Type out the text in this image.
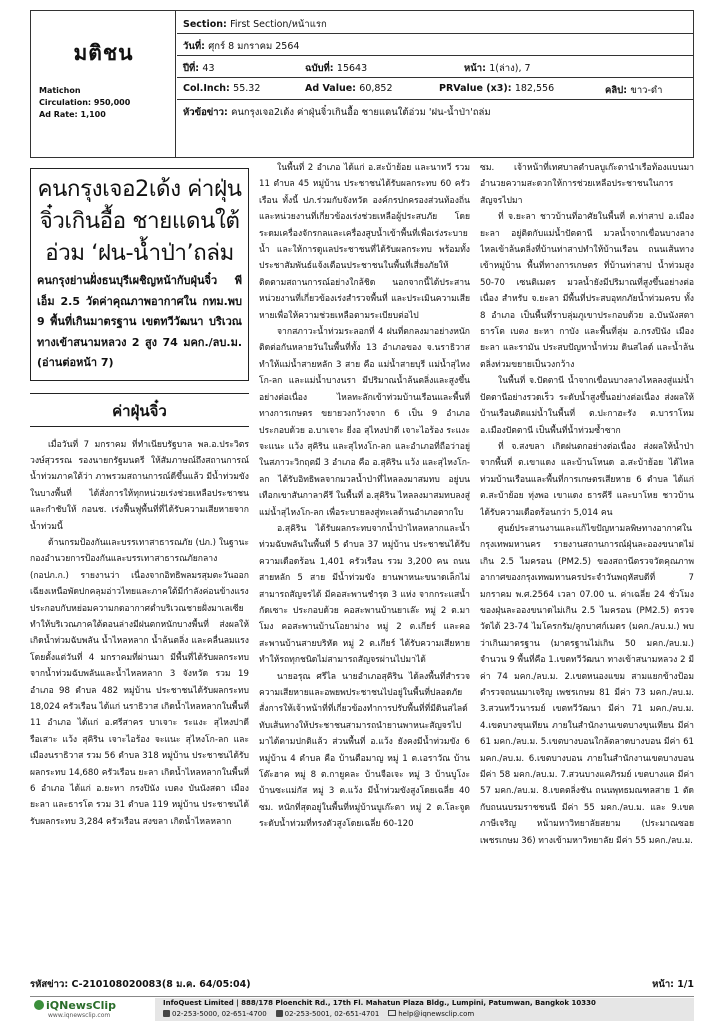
มติชน
Matichon
Circulation: 950,000
Ad Rate: 1,100
Section: First Section/หน้าแรก
วันที่: ศุกร์ 8 มกราคม 2564
ปีที่: 43	ฉบับที่: 15643	หน้า: 1(ล่าง), 7
Col.Inch: 55.32	Ad Value: 60,852	PRValue (x3): 182,556	คลิป: ขาว-ดำ
หัวข้อข่าว: คนกรุงเจอ2เด้ง ค่าฝุ่นจิ๋วเกินอื้อ ชายแดนใต้อ่วม 'ฝน-น้ำป่า'ถล่ม
คนกรุงเจอ2เด้ง ค่าฝุ่นจิ๋วเกินอื้อ ชายแดนใต้อ่วม ‘ฝน-น้ำป่า’ถล่ม
คนกรุงย่านฝั่งธนบุรีเผชิญหน้ากับฝุ่นจิ๋ว พีเอ็ม 2.5 วัดค่าคุณภาพอากาศใน กทม.พบ 9 พื้นที่เกินมาตรฐาน เขตทวีวัฒนา บริเวณทางเข้าสนามหลวง 2 สูง 74 มคก./ลบ.ม. (อ่านต่อหน้า 7)
ค่าฝุ่นจิ๋ว

เมื่อวันที่ 7 มกราคม ที่ทำเนียบรัฐบาล พล.อ.ประวิตร วงษ์สุวรรณ รองนายกรัฐมนตรี ให้สัมภาษณ์ถึงสถานการณ์น้ำท่วมภาคใต้ว่า ภาพรวมสถานการณ์ดีขึ้นแล้ว มีน้ำท่วมขังในบางพื้นที่ ได้สั่งการให้ทุกหน่วยเร่งช่วยเหลือประชาชน และกำชับให้ กอนช. เร่งฟื้นฟูพื้นที่ที่ได้รับความเสียหายจากน้ำท่วมนี้

ด้านกรมป้องกันและบรรเทาสาธารณภัย (ปภ.) ในฐานะกองอำนวยการป้องกันและบรรเทาสาธารณภัยกลาง (กอปภ.ก.) รายงานว่า เนื่องจากอิทธิพลมรสุมตะวันออกเฉียงเหนือพัดปกคลุมอ่าวไทยและภาคใต้มีกำลังค่อนข้างแรง ประกอบกับหย่อมความกดอากาศต่ำบริเวณชายฝั่งมาเลเซีย ทำให้บริเวณภาคใต้ตอนล่างมีฝนตกหนักบางพื้นที่ ส่งผลให้เกิดน้ำท่วมฉับพลัน น้ำไหลหลาก น้ำล้นตลิ่ง และคลื่นลมแรง โดยตั้งแต่วันที่ 4 มกราคมที่ผ่านมา มีพื้นที่ได้รับผลกระทบจากน้ำท่วมฉับพลันและน้ำไหลหลาก 3 จังหวัด รวม 19 อำเภอ 98 ตำบล 482 หมู่บ้าน ประชาชนได้รับผลกระทบ 18,024 ครัวเรือน ได้แก่ นราธิวาส เกิดน้ำไหลหลากในพื้นที่ 11 อำเภอ ได้แก่ อ.ศรีสาคร บาเจาะ ระแงะ สุไหงปาดี รือเสาะ แว้ง สุคิริน เจาะไอร้อง จะแนะ สุไหงโก-ลก และเมืองนราธิวาส รวม 56 ตำบล 318 หมู่บ้าน ประชาชนได้รับผลกระทบ 14,680 ครัวเรือน ยะลา เกิดน้ำไหลหลากในพื้นที่ 6 อำเภอ ได้แก่ อ.ยะหา กรงปินัง เบตง บันนังสตา เมืองยะลา และธารโต รวม 31 ตำบล 119 หมู่บ้าน ประชาชนได้รับผลกระทบ 3,284 ครัวเรือน สงขลา เกิดน้ำไหลหลาก

ในพื้นที่ 2 อำเภอ ได้แก่ อ.สะบ้าย้อย และนาทวี รวม 11 ตำบล 45 หมู่บ้าน ประชาชนได้รับผลกระทบ 60 ครัวเรือน ทั้งนี้ ปภ.ร่วมกับจังหวัด องค์กรปกครองส่วนท้องถิ่น และหน่วยงานที่เกี่ยวข้องเร่งช่วยเหลือผู้ประสบภัย โดยระดมเครื่องจักรกลและเครื่องสูบน้ำเข้าพื้นที่เพื่อเร่งระบายน้ำ และให้การดูแลประชาชนที่ได้รับผลกระทบ พร้อมทั้งประชาสัมพันธ์แจ้งเตือนประชาชนในพื้นที่เสี่ยงภัยให้ติดตามสถานการณ์อย่างใกล้ชิด นอกจากนี้ได้ประสานหน่วยงานที่เกี่ยวข้องเร่งสำรวจพื้นที่ และประเมินความเสียหายเพื่อให้ความช่วยเหลือตามระเบียบต่อไป

จากสภาวะน้ำท่วมระลอกที่ 4 ฝนที่ตกลงมาอย่างหนักติดต่อกันหลายวันในพื้นที่ทั้ง 13 อำเภอของ จ.นราธิวาส ทำให้แม่น้ำสายหลัก 3 สาย คือ แม่น้ำสายบุรี แม่น้ำสุไหงโก-ลก และแม่น้ำบางนรา มีปริมาณน้ำล้นตลิ่งและสูงขึ้นอย่างต่อเนื่อง ไหลทะลักเข้าท่วมบ้านเรือนและพื้นที่ทางการเกษตร ขยายวงกว้างจาก 6 เป็น 9 อำเภอ ประกอบด้วย อ.บาเจาะ ยี่งอ สุไหงปาดี เจาะไอร้อง ระแงะ จะแนะ แว้ง สุคิริน และสุไหงโก-ลก และอำเภอที่ถือว่าอยู่ในสภาวะวิกฤตมี 3 อำเภอ คือ อ.สุคิริน แว้ง และสุไหงโก-ลก ได้รับอิทธิพลจากมวลน้ำป่าที่ไหลลงมาสมทบ อยู่บนเทือกเขาสันกาลาคีรี ในพื้นที่ อ.สุคิริน ไหลลงมาสมทบลงสู่แม่น้ำสุไหงโก-ลก เพื่อระบายลงสู่ทะเลด้านอำเภอตากใบ

อ.สุคิริน ได้รับผลกระทบจากน้ำป่าไหลหลากและน้ำท่วมฉับพลันในพื้นที่ 5 ตำบล 37 หมู่บ้าน ประชาชนได้รับความเดือดร้อน 1,401 ครัวเรือน รวม 3,200 คน ถนนสายหลัก 5 สาย มีน้ำท่วมขัง ยานพาหนะขนาดเล็กไม่สามารถสัญจรได้ มีคอสะพานชำรุด 3 แห่ง จากกระแสน้ำกัดเซาะ ประกอบด้วย คอสะพานบ้านยาเล๊ะ หมู่ 2 ต.มาโมง คอสะพานบ้านโอยาม่าง หมู่ 2 ต.เกียร์ และคอสะพานบ้านสายบริหัด หมู่ 2 ต.เกียร์ ได้รับความเสียหาย ทำให้รถทุกชนิดไม่สามารถสัญจรผ่านไปมาได้

นายอรุณ ศรีไล นายอำเภอสุคิริน ได้ลงพื้นที่สำรวจความเสียหายและอพยพประชาชนไปอยู่ในพื้นที่ปลอดภัย สั่งการให้เจ้าหน้าที่ที่เกี่ยวข้องทำการปรับพื้นที่ที่มีดินสไลด์ทับเส้นทางให้ประชาชนสามารถนำยานพาหนะสัญจรไปมาได้ตามปกติแล้ว ส่วนพื้นที่ อ.แว้ง ยังคงมีน้ำท่วมขัง 6 หมู่บ้าน 4 ตำบล คือ บ้านตือมาญ หมู่ 1 ต.เอราวัณ บ้านโต๊ะฮาค หมู่ 8 ต.กายูคละ บ้านจือเจะ หมู่ 3 บ้านบูโงะ บ้านซะแม่กัส หมู่ 3 ต.แว้ง มีน้ำท่วมขังสูงโดยเฉลี่ย 40 ซม. หนักที่สุดอยู่ในพื้นที่หมู่บ้านบูเก๊ะตา หมู่ 2 ต.โละจูด ระดับน้ำท่วมที่ทรงตัวสูงโดยเฉลี่ย 60-120

ซม. เจ้าหน้าที่เทศบาลตำบลบูเก๊ะตานำเรือท้องแบนมาอำนวยความสะดวกให้การช่วยเหลือประชาชนในการสัญจรไปมา

ที่ จ.ยะลา ชาวบ้านที่อาศัยในพื้นที่ ต.ท่าสาป อ.เมืองยะลา อยู่ติดกับแม่น้ำปัตตานี มวลน้ำจากเขื่อนบางลาง ไหลเข้าล้นตลิ่งที่บ้านท่าสาปทำให้บ้านเรือน ถนนเส้นทางเข้าหมู่บ้าน พื้นที่ทางการเกษตร ที่บ้านท่าสาป น้ำท่วมสูง 50-70 เซนติเมตร มวลน้ำยังมีปริมาณที่สูงขึ้นอย่างต่อเนื่อง สำหรับ จ.ยะลา มีพื้นที่ประสบอุทกภัยน้ำท่วมครบ ทั้ง 8 อำเภอ เป็นพื้นที่ราบลุ่มภูเขาประกอบด้วย อ.บันนังสตา ธารโต เบตง ยะหา กาบัง และพื้นที่ลุ่ม อ.กรงปินัง เมืองยะลา และรามัน ประสบปัญหาน้ำท่วม ดินสไลด์ และน้ำล้นตลิ่งท่วมขยายเป็นวงกว้าง

ในพื้นที่ จ.ปัตตานี น้ำจากเขื่อนบางลางไหลลงสู่แม่น้ำปัตตานีอย่างรวดเร็ว ระดับน้ำสูงขึ้นอย่างต่อเนื่อง ส่งผลให้บ้านเรือนติดแม่น้ำในพื้นที่ ต.ปะกาฮะรัง ต.บาราโหม อ.เมืองปัตตานี เป็นพื้นที่น้ำท่วมซ้ำซาก

ที่ จ.สงขลา เกิดฝนตกอย่างต่อเนื่อง ส่งผลให้น้ำป่าจากพื้นที่ ต.เขาแดง และบ้านโหนด อ.สะบ้าย้อย ได้ไหลท่วมบ้านเรือนและพื้นที่การเกษตรเสียหาย 6 ตำบล ได้แก่ ต.สะบ้าย้อย ทุ่งพอ เขาแดง ธารคีรี และบาโหย ชาวบ้านได้รับความเดือดร้อนกว่า 5,014 คน

ศูนย์ประสานงานและแก้ไขปัญหามลพิษทางอากาศในกรุงเทพมหานคร รายงานสถานการณ์ฝุ่นละอองขนาดไม่เกิน 2.5 ไมครอน (PM2.5) ของสถานีตรวจวัดคุณภาพอากาศของกรุงเทพมหานครประจำวันพฤหัสบดีที่ 7 มกราคม พ.ศ.2564 เวลา 07.00 น. ค่าเฉลี่ย 24 ชั่วโมงของฝุ่นละอองขนาดไม่เกิน 2.5 ไมครอน (PM2.5) ตรวจวัดได้ 23-74 ไมโครกรัม/ลูกบาศก์เมตร (มคก./ลบ.ม.) พบว่าเกินมาตรฐาน (มาตรฐานไม่เกิน 50 มคก./ลบ.ม.) จำนวน 9 พื้นที่คือ 1.เขตทวีวัฒนา ทางเข้าสนามหลวง 2 มีค่า 74 มคก./ลบ.ม. 2.เขตหนองแขม สามแยกข้างป้อมตำรวจถนนมาเจริญ เพชรเกษม 81 มีค่า 73 มคก./ลบ.ม. 3.สวนทวีวนารมย์ เขตทวีวัฒนา มีค่า 71 มคก./ลบ.ม. 4.เขตบางขุนเทียน ภายในสำนักงานเขตบางขุนเทียน มีค่า 61 มคก./ลบ.ม. 5.เขตบางบอนใกล้ตลาดบางบอน มีค่า 61 มคก./ลบ.ม. 6.เขตบางบอน ภายในสำนักงานเขตบางบอน มีค่า 58 มคก./ลบ.ม. 7.สวนบางแคภิรมย์ เขตบางแค มีค่า 57 มคก./ลบ.ม. 8.เขตตลิ่งชัน ถนนพุทธมณฑลสาย 1 ตัดกับถนนบรมราชชนนี มีค่า 55 มคก./ลบ.ม. และ 9.เขตภาษีเจริญ หน้ามหาวิทยาลัยสยาม (ประมาณซอยเพชรเกษม 36) ทางเข้ามหาวิทยาลัย มีค่า 55 มคก./ลบ.ม.

รหัสข่าว: C-210108020083(8 ม.ค. 64/05:04)	หน้า: 1/1
iQNewsClip
www.iqnewsclip.com
InfoQuest Limited | 888/178 Ploenchit Rd., 17th Fl. Mahatun Plaza Bldg., Lumpini, Patumwan, Bangkok 10330
02-253-5000, 02-651-4700	02-253-5001, 02-651-4701	help@iqnewsclip.com
